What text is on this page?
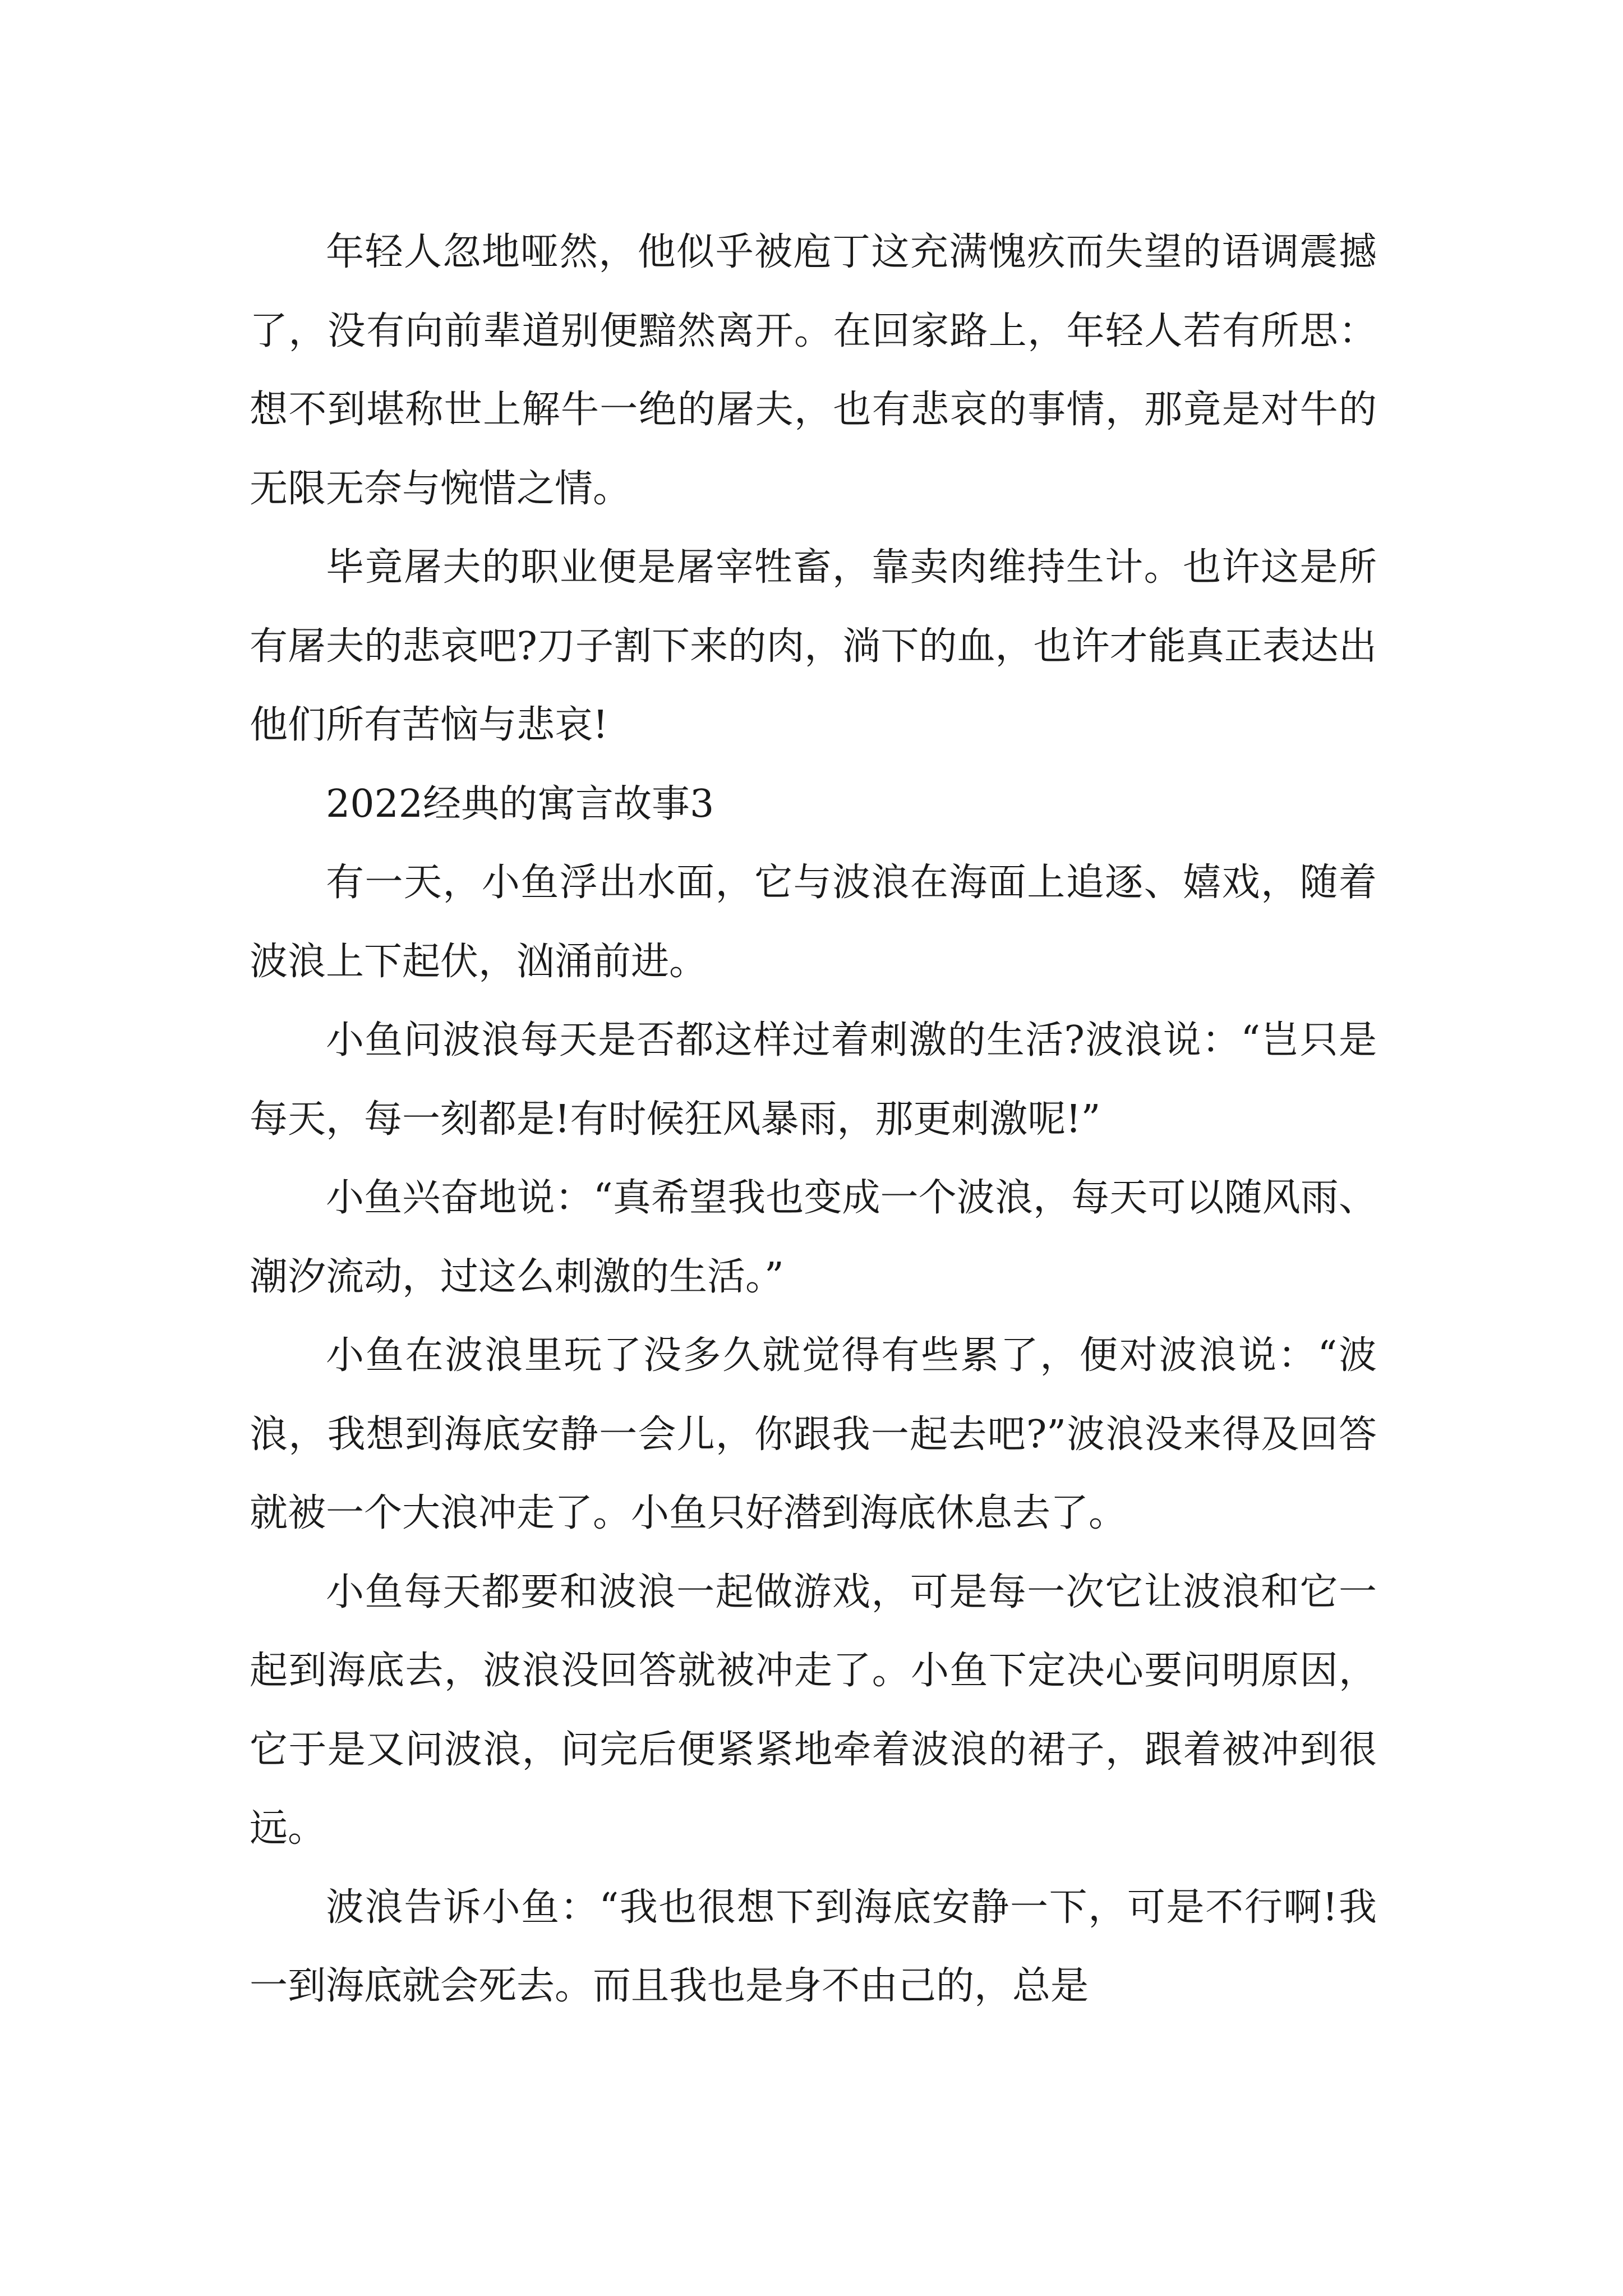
年轻人忽地哑然，他似乎被庖丁这充满愧疚而失望的语调震撼了，没有向前辈道别便黯然离开。在回家路上，年轻人若有所思：想不到堪称世上解牛一绝的屠夫，也有悲哀的事情，那竟是对牛的无限无奈与惋惜之情。

毕竟屠夫的职业便是屠宰牲畜，靠卖肉维持生计。也许这是所有屠夫的悲哀吧?刀子割下来的肉，淌下的血，也许才能真正表达出他们所有苦恼与悲哀!

2022经典的寓言故事3

有一天，小鱼浮出水面，它与波浪在海面上追逐、嬉戏，随着波浪上下起伏，汹涌前进。

小鱼问波浪每天是否都这样过着刺激的生活?波浪说：“岂只是每天，每一刻都是!有时候狂风暴雨，那更刺激呢!”

小鱼兴奋地说：“真希望我也变成一个波浪，每天可以随风雨、潮汐流动，过这么刺激的生活。”

小鱼在波浪里玩了没多久就觉得有些累了，便对波浪说：“波浪，我想到海底安静一会儿，你跟我一起去吧?”波浪没来得及回答就被一个大浪冲走了。小鱼只好潜到海底休息去了。

小鱼每天都要和波浪一起做游戏，可是每一次它让波浪和它一起到海底去，波浪没回答就被冲走了。小鱼下定决心要问明原因，它于是又问波浪，问完后便紧紧地牵着波浪的裙子，跟着被冲到很远。

波浪告诉小鱼：“我也很想下到海底安静一下，可是不行啊!我一到海底就会死去。而且我也是身不由己的，总是
